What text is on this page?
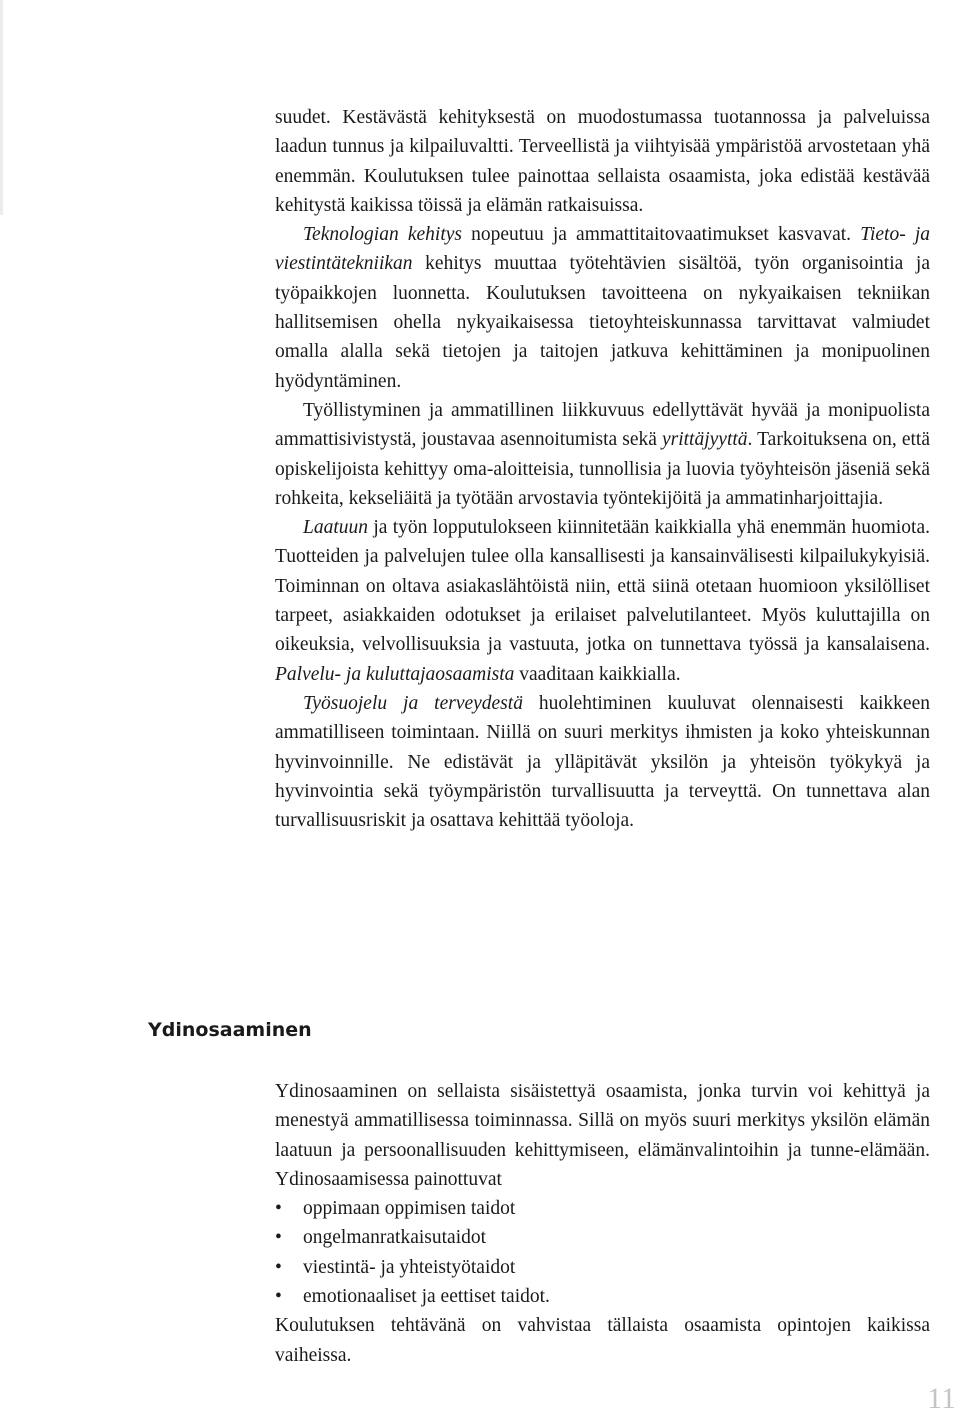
suudet. Kestävästä kehityksestä on muodostumassa tuotannossa ja palveluissa laadun tunnus ja kilpailuvaltti. Terveellistä ja viihtyisää ympäristöä arvostetaan yhä enemmän. Koulutuksen tulee painottaa sellaista osaamista, joka edistää kestävää kehitystä kaikissa töissä ja elämän ratkaisuissa.

Teknologian kehitys nopeutuu ja ammattitaitovaatimukset kasvavat. Tieto- ja viestintätekniikan kehitys muuttaa työtehtävien sisältöä, työn organisointia ja työpaikkojen luonnetta. Koulutuksen tavoitteena on nykyaikaisen tekniikan hallitsemisen ohella nykyaikaisessa tietoyhteiskunnassa tarvittavat valmiudet omalla alalla sekä tietojen ja taitojen jatkuva kehittäminen ja monipuolinen hyödyntäminen.

Työllistyminen ja ammatillinen liikkuvuus edellyttävät hyvää ja monipuolista ammattisivistystä, joustavaa asennoitumista sekä yrittäjyyttä. Tarkoituksena on, että opiskelijoista kehittyy oma-aloitteisia, tunnollisia ja luovia työyhteisön jäseniä sekä rohkeita, kekseliäitä ja työtään arvostavia työntekijöitä ja ammatinharjoittajia.

Laatuun ja työn lopputulokseen kiinnitetään kaikkialla yhä enemmän huomiota. Tuotteiden ja palvelujen tulee olla kansallisesti ja kansainvälisesti kilpailukykyisiä. Toiminnan on oltava asiakaslähtöistä niin, että siinä otetaan huomioon yksilölliset tarpeet, asiakkaiden odotukset ja erilaiset palvelutilanteet. Myös kuluttajilla on oikeuksia, velvollisuuksia ja vastuuta, jotka on tunnettava työssä ja kansalaisena. Palvelu- ja kuluttajaosaamista vaaditaan kaikkialla.

Työsuojelu ja terveydestä huolehtiminen kuuluvat olennaisesti kaikkeen ammatilliseen toimintaan. Niillä on suuri merkitys ihmisten ja koko yhteiskunnan hyvinvoinnille. Ne edistävät ja ylläpitävät yksilön ja yhteisön työkykyä ja hyvinvointia sekä työympäristön turvallisuutta ja terveyttä. On tunnettava alan turvallisuusriskit ja osattava kehittää työoloja.

Ydinosaaminen

Ydinosaaminen on sellaista sisäistettyä osaamista, jonka turvin voi kehittyä ja menestyä ammatillisessa toiminnassa. Sillä on myös suuri merkitys yksilön elämän laatuun ja persoonallisuuden kehittymiseen, elämänvalintoihin ja tunne-elämään. Ydinosaamisessa painottuvat

• oppimaan oppimisen taidot
• ongelmanratkaisutaidot
• viestintä- ja yhteistyötaidot
• emotionaaliset ja eettiset taidot.

Koulutuksen tehtävänä on vahvistaa tällaista osaamista opintojen kaikissa vaiheissa.

11
